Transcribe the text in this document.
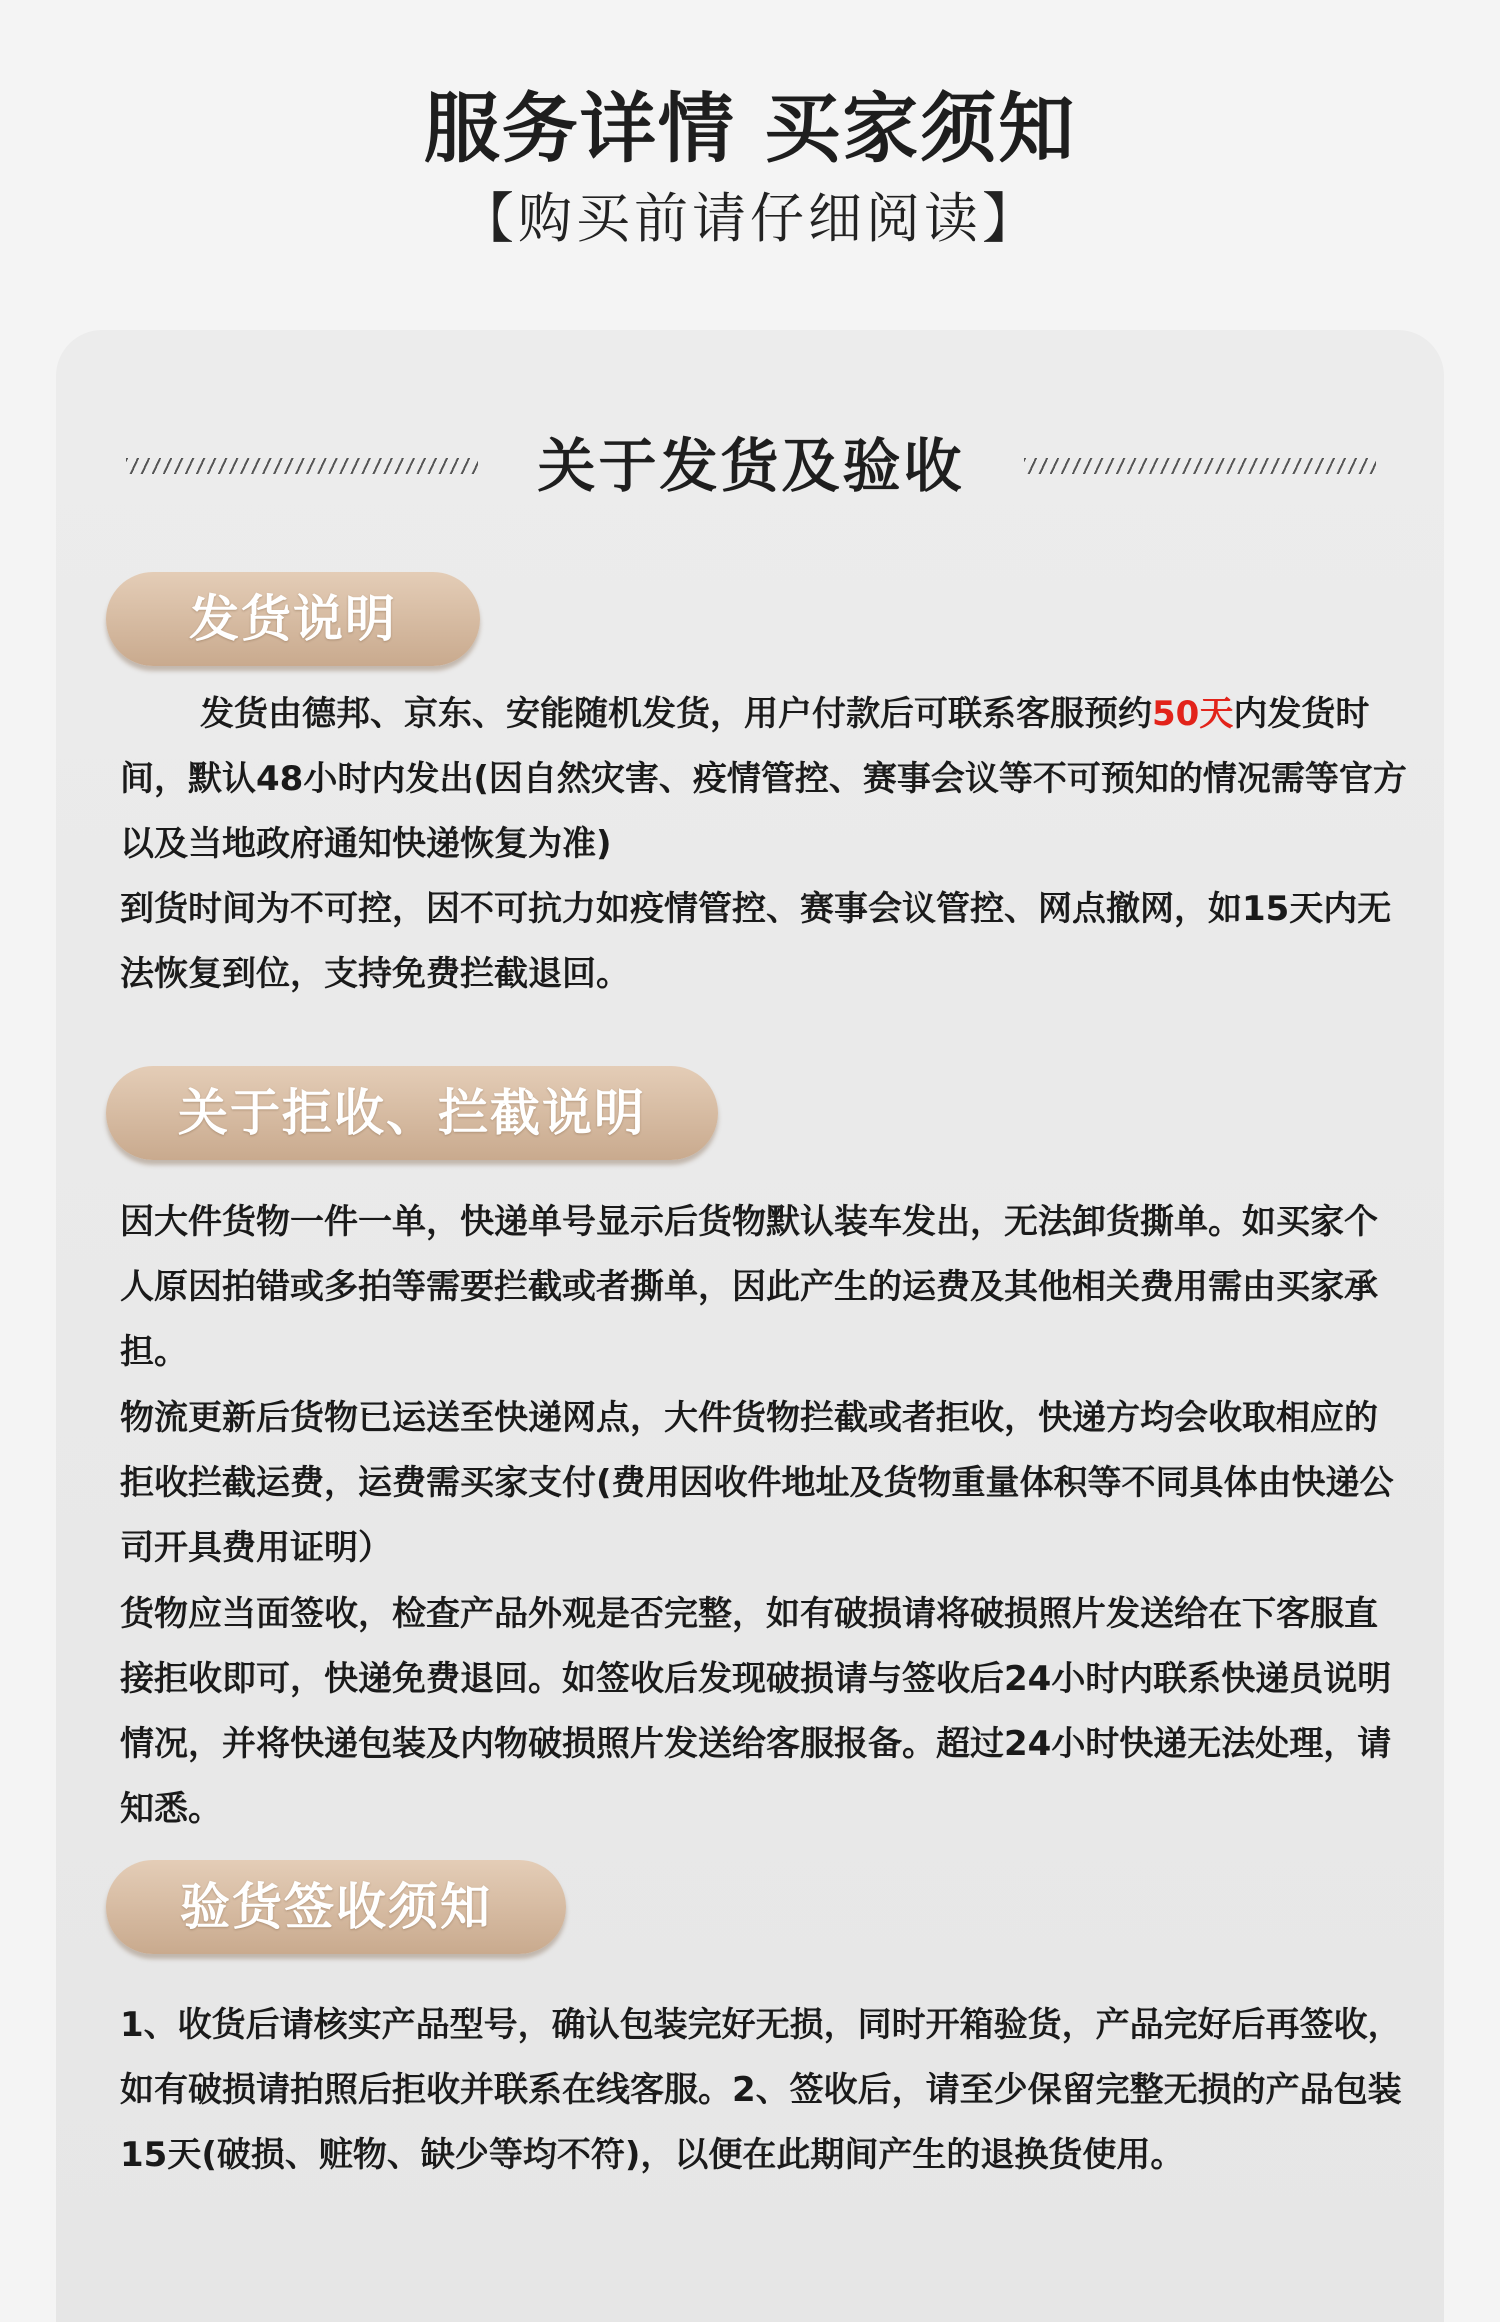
服务详情 买家须知
【购买前请仔细阅读】
关于发货及验收
发货说明
发货由德邦、京东、安能随机发货，用户付款后可联系客服预约50天内发货时间，默认48小时内发出(因自然灾害、疫情管控、赛事会议等不可预知的情况需等官方以及当地政府通知快递恢复为准)
到货时间为不可控，因不可抗力如疫情管控、赛事会议管控、网点撤网，如15天内无法恢复到位，支持免费拦截退回。
关于拒收、拦截说明
因大件货物一件一单，快递单号显示后货物默认装车发出，无法卸货撕单。如买家个人原因拍错或多拍等需要拦截或者撕单，因此产生的运费及其他相关费用需由买家承担。
物流更新后货物已运送至快递网点，大件货物拦截或者拒收，快递方均会收取相应的拒收拦截运费，运费需买家支付(费用因收件地址及货物重量体积等不同具体由快递公司开具费用证明）
货物应当面签收，检查产品外观是否完整，如有破损请将破损照片发送给在下客服直接拒收即可，快递免费退回。如签收后发现破损请与签收后24小时内联系快递员说明情况，并将快递包装及内物破损照片发送给客服报备。超过24小时快递无法处理，请知悉。
验货签收须知
1、收货后请核实产品型号，确认包装完好无损，同时开箱验货，产品完好后再签收，如有破损请拍照后拒收并联系在线客服。2、签收后，请至少保留完整无损的产品包装15天(破损、赃物、缺少等均不符)，以便在此期间产生的退换货使用。
